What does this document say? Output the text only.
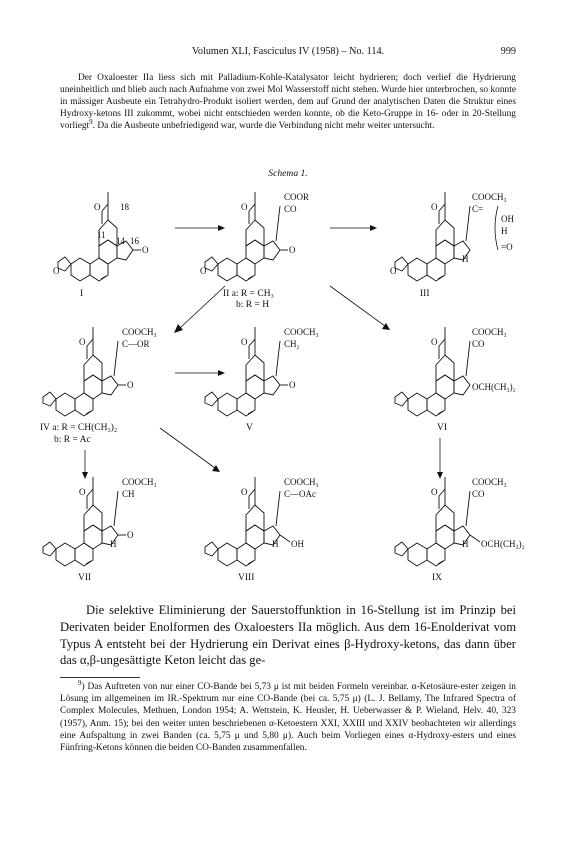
Volumen XLI, Fasciculus IV (1958) – No. 114.	999
Der Oxaloester IIa liess sich mit Palladium-Kohle-Katalysator leicht hydrieren; doch verlief die Hydrierung uneinheitlich und blieb auch nach Aufnahme von zwei Mol Wasserstoff nicht stehen. Wurde hier unterbrochen, so konnte in mässiger Ausbeute ein Tetrahydro-Produkt isoliert werden, dem auf Grund der analytischen Daten die Struktur eines Hydroxy-ketons III zukommt, wobei nicht entschieden werden konnte, ob die Keto-Gruppe in 16- oder in 20-Stellung vorliegt$^9$. Da die Ausbeute unbefriedigend war, wurde die Verbindung nicht mehr weiter untersucht.
Schema 1.
O
O
O
18
11
14 16
I
COOR
CO
O
O
O
II a: R = CH₃
b: R = H
COOCH₃
C=
O
O
H
OH
H
=O
III
COOCH₃
C—OR
O
O
IV a: R = CH(CH₃)₂
b: R = Ac
COOCH₃
CH₂
O
O
V
COOCH₃
CO
O
OCH(CH₃)₂
VI
COOCH₃
CH
O
H
O
VII
COOCH₃
C—OAc
O
H OH
VIII
COOCH₃
CO
O
H OCH(CH₃)₂
IX
Die selektive Eliminierung der Sauerstoffunktion in 16-Stellung ist im Prinzip bei Derivaten beider Enolformen des Oxaloesters IIa möglich. Aus dem 16-Enolderivat vom Typus A entsteht bei der Hydrierung ein Derivat eines β-Hydroxy-ketons, das dann über das α,β-ungesättigte Keton leicht das ge-
$^9$) Das Auftreten von nur einer CO-Bande bei 5,73 μ ist mit beiden Formeln vereinbar. α-Ketosäure-ester zeigen in Lösung im allgemeinen im IR.-Spektrum nur eine CO-Bande (bei ca. 5,75 μ) (L. J. Bellamy, The Infrared Spectra of Complex Molecules, Methuen, London 1954; A. Wettstein, K. Heusler, H. Ueberwasser & P. Wieland, Helv. 40, 323 (1957), Anm. 15); bei den weiter unten beschriebenen α-Ketoestern XXI, XXIII und XXIV beobachteten wir allerdings eine Aufspaltung in zwei Banden (ca. 5,75 μ und 5,80 μ). Auch beim Vorliegen eines α-Hydroxy-esters und eines Fünfring-Ketons können die beiden CO-Banden zusammenfallen.
